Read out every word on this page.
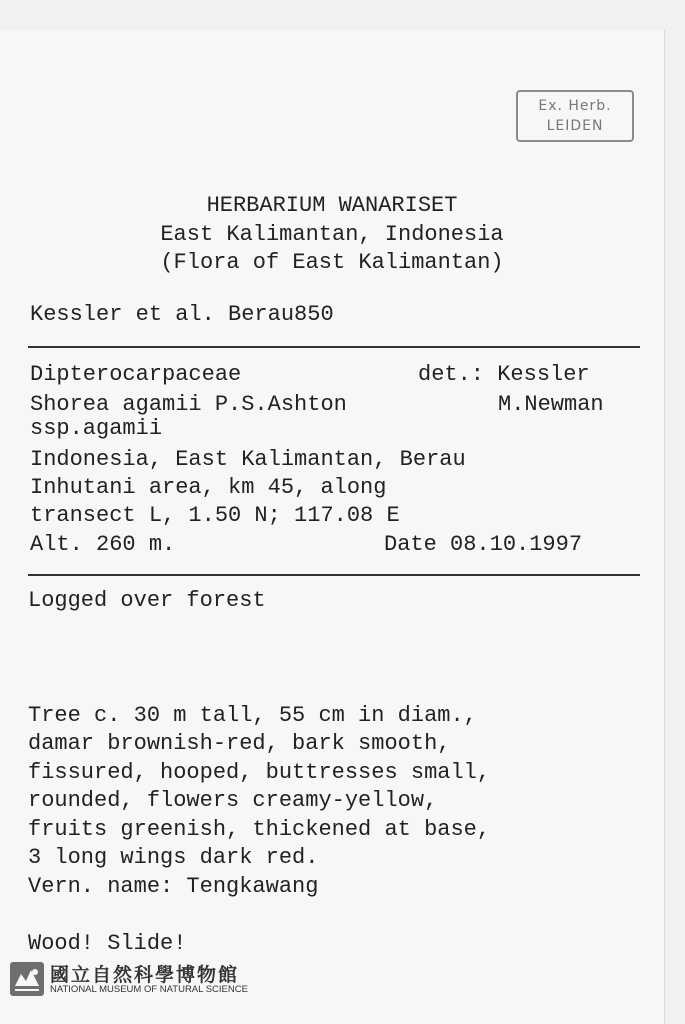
Ex. Herb.
LEIDEN
HERBARIUM WANARISET
East Kalimantan, Indonesia
(Flora of East Kalimantan)
Kessler et al. Berau850
Dipterocarpaceae	det.: Kessler
Shorea agamii P.S.Ashton	M.Newman
ssp.agamii
Indonesia, East Kalimantan, Berau
Inhutani area, km 45, along
transect L, 1.50 N; 117.08 E
Alt. 260 m.	Date 08.10.1997
Logged over forest
Tree c. 30 m tall, 55 cm in diam.,
damar brownish-red, bark smooth,
fissured, hooped, buttresses small,
rounded, flowers creamy-yellow,
fruits greenish, thickened at base,
3 long wings dark red.
Vern. name: Tengkawang
Wood! Slide!
國立自然科學博物館
NATIONAL MUSEUM OF NATURAL SCIENCE
